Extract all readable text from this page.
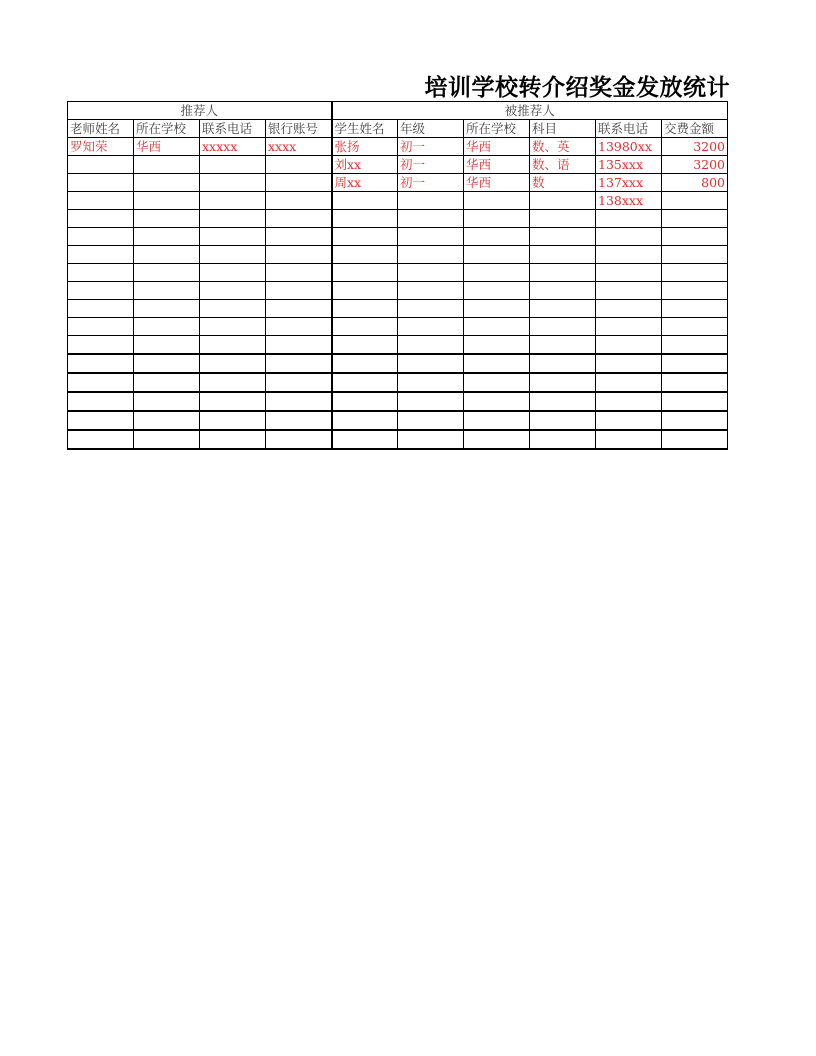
培训学校转介绍奖金发放统计
推荐人				被推荐人					
老师姓名	所在学校	联系电话	银行账号	学生姓名	年级	所在学校	科目	联系电话	交费金额
罗知荣	华西	xxxxx	xxxx	张扬	初一	华西	数、英	13980xx	3200
				刘xx	初一	华西	数、语	135xxx	3200
				周xx	初一	华西	数	137xxx	800
								138xxx	
